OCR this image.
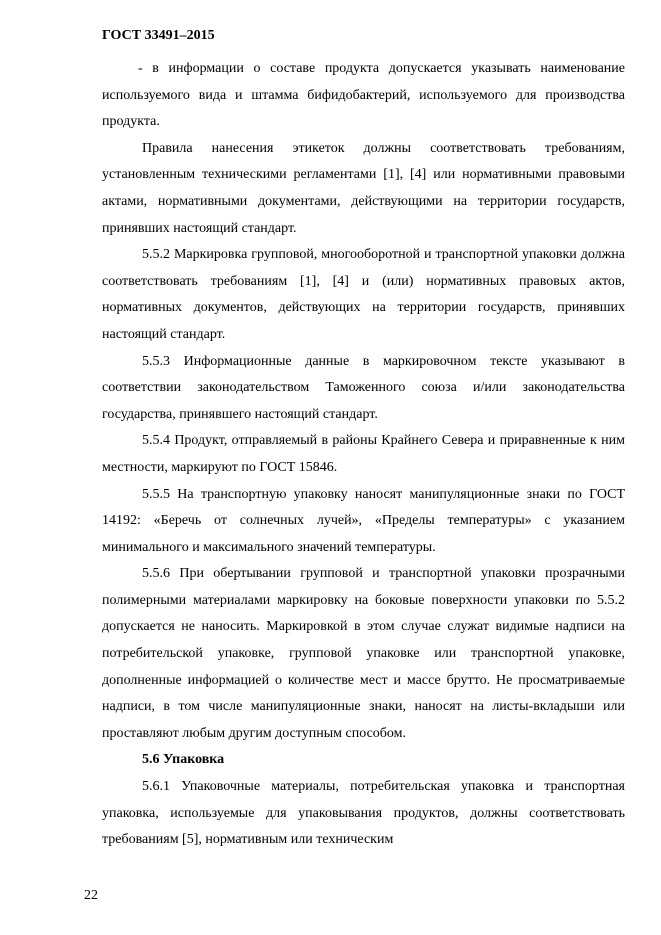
ГОСТ 33491–2015

- в информации о составе продукта допускается указывать наименование используемого вида и штамма бифидобактерий, используемого для производства продукта.

Правила нанесения этикеток должны соответствовать требованиям, установленным техническими регламентами [1], [4] или нормативными правовыми актами, нормативными документами, действующими на территории государств, принявших настоящий стандарт.

5.5.2 Маркировка групповой, многооборотной и транспортной упаковки должна соответствовать требованиям [1], [4] и (или) нормативных правовых актов, нормативных документов, действующих на территории государств, принявших настоящий стандарт.

5.5.3 Информационные данные в маркировочном тексте указывают в соответствии законодательством Таможенного союза и/или законодательства государства, принявшего настоящий стандарт.

5.5.4 Продукт, отправляемый в районы Крайнего Севера и приравненные к ним местности, маркируют по ГОСТ 15846.

5.5.5 На транспортную упаковку наносят манипуляционные знаки по ГОСТ 14192: «Беречь от солнечных лучей», «Пределы температуры» с указанием минимального и максимального значений температуры.

5.5.6 При обертывании групповой и транспортной упаковки прозрачными полимерными материалами маркировку на боковые поверхности упаковки по 5.5.2 допускается не наносить. Маркировкой в этом случае служат видимые надписи на потребительской упаковке, групповой упаковке или транспортной упаковке, дополненные информацией о количестве мест и массе брутто. Не просматриваемые надписи, в том числе манипуляционные знаки, наносят на листы-вкладыши или проставляют любым другим доступным способом.

5.6 Упаковка

5.6.1 Упаковочные материалы, потребительская упаковка и транспортная упаковка, используемые для упаковывания продуктов, должны соответствовать требованиям [5], нормативным или техническим

22
